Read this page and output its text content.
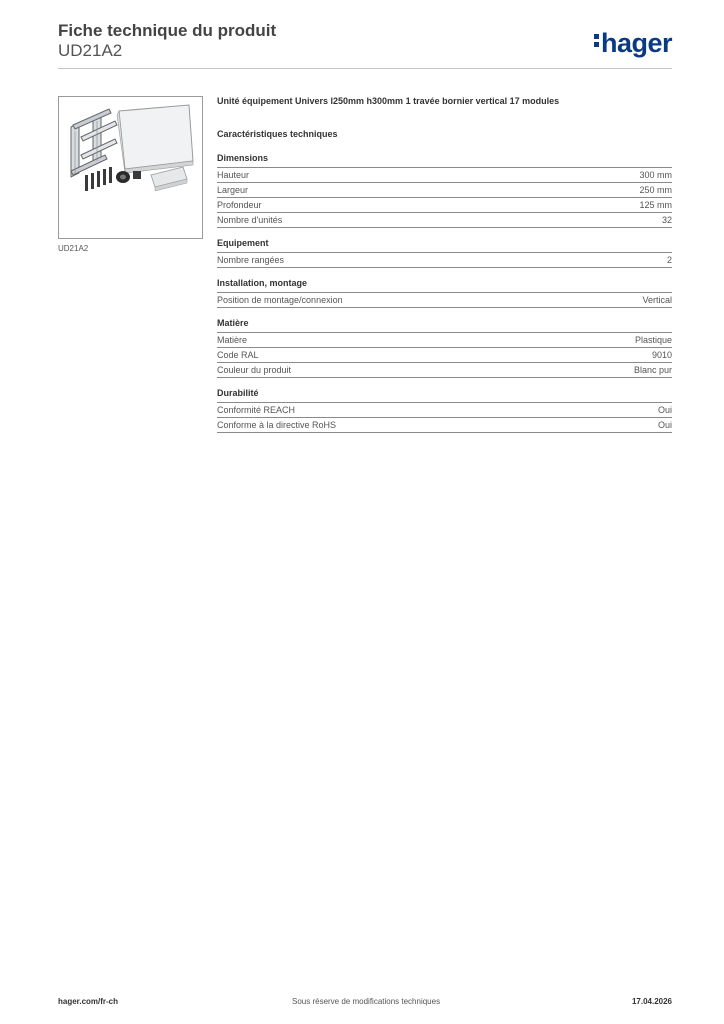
Fiche technique du produit

UD21A2	hager
UD21A2

Unité équipement Univers l250mm h300mm 1 travée bornier vertical 17 modules

Caractéristiques techniques

Dimensions
Hauteur	300 mm
Largeur	250 mm
Profondeur	125 mm
Nombre d'unités	32
Equipement
Nombre rangées	2
Installation, montage
Position de montage/connexion	Vertical
Matière
Matière	Plastique
Code RAL	9010
Couleur du produit	Blanc pur
Durabilité
Conformité REACH	Oui
Conforme à la directive RoHS	Oui
hager.com/fr-ch	Sous réserve de modifications techniques	17.04.2026
